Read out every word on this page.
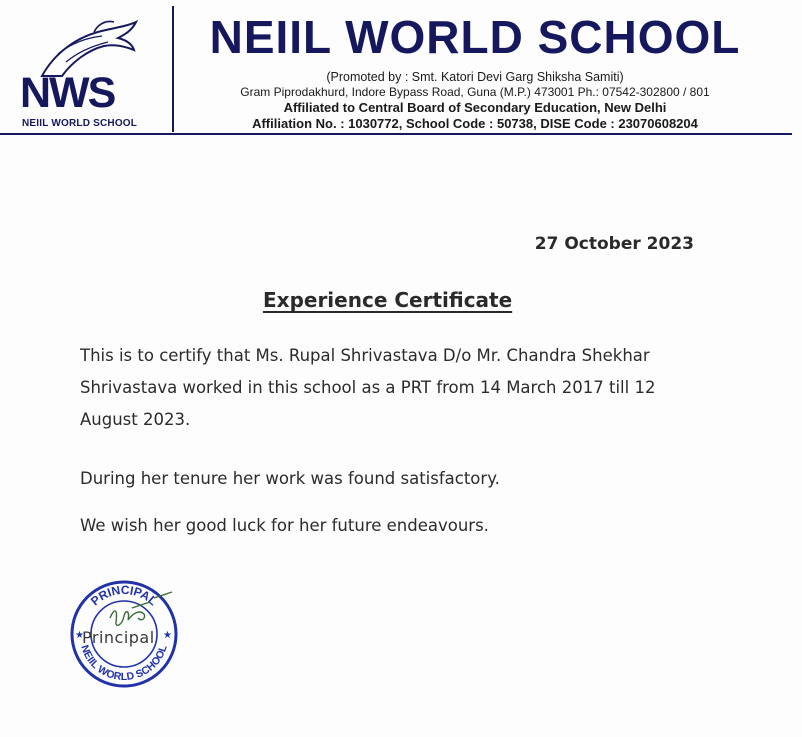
NWS
NEIIL WORLD SCHOOL
NEIIL WORLD SCHOOL
(Promoted by : Smt. Katori Devi Garg Shiksha Samiti)
Gram Piprodakhurd, Indore Bypass Road, Guna (M.P.) 473001 Ph.: 07542-302800 / 801
Affiliated to Central Board of Secondary Education, New Delhi
Affiliation No. : 1030772, School Code : 50738, DISE Code : 23070608204
27 October 2023
Experience Certificate
This is to certify that Ms. Rupal Shrivastava D/o Mr. Chandra Shekhar Shrivastava worked in this school as a PRT from 14 March 2017 till 12 August 2023.
During her tenure her work was found satisfactory.
We wish her good luck for her future endeavours.
PRINCIPAL
NEIIL WORLD SCHOOL
★	★
Principal
